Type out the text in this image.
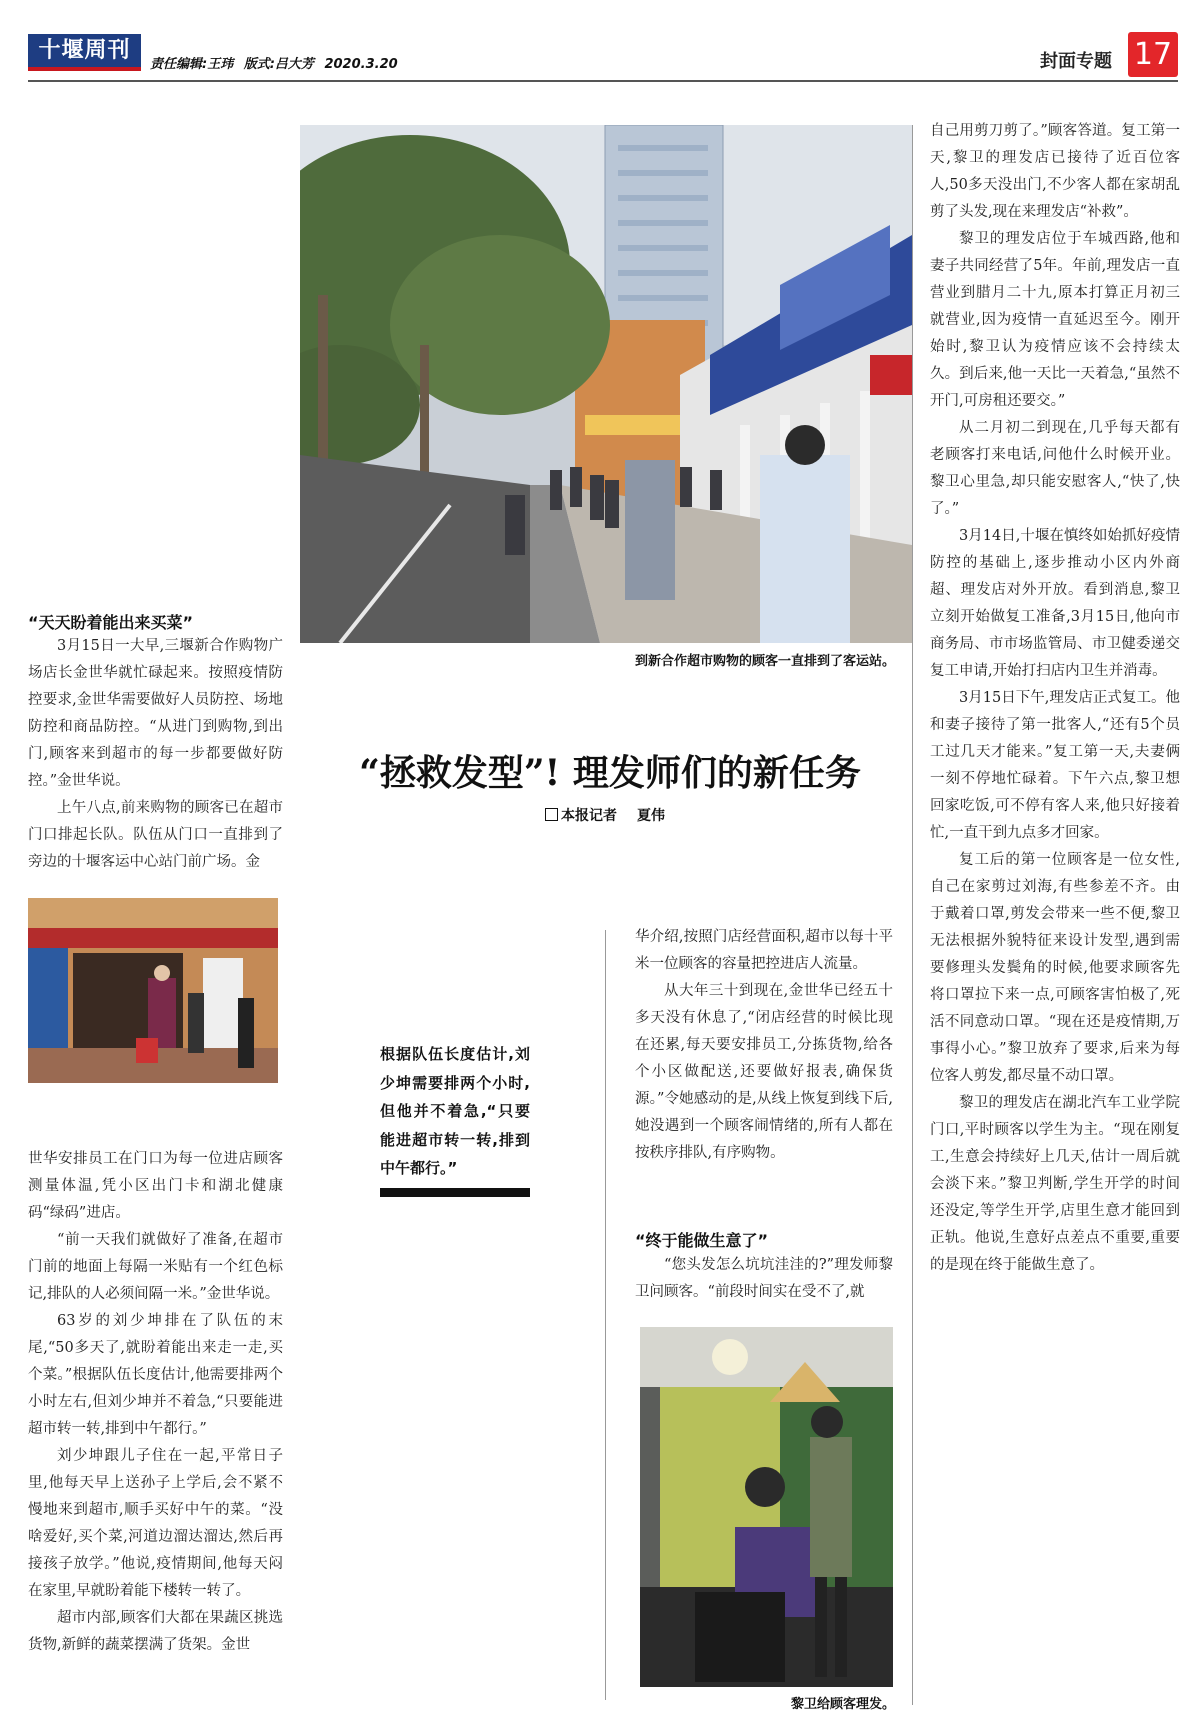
十堰周刊
责任编辑:王玮 版式:吕大芳 2020.3.20	封面专题 17
到新合作超市购物的顾客一直排到了客运站。
“拯救发型”! 理发师们的新任务
本报记者 夏伟
“天天盼着能出来买菜”

3月15日一大早,三堰新合作购物广场店长金世华就忙碌起来。按照疫情防控要求,金世华需要做好人员防控、场地防控和商品防控。“从进门到购物,到出门,顾客来到超市的每一步都要做好防控。”金世华说。

上午八点,前来购物的顾客已在超市门口排起长队。队伍从门口一直排到了旁边的十堰客运中心站门前广场。金

世华安排员工在门口为每一位进店顾客测量体温,凭小区出门卡和湖北健康码“绿码”进店。

“前一天我们就做好了准备,在超市门前的地面上每隔一米贴有一个红色标记,排队的人必须间隔一米。”金世华说。

63岁的刘少坤排在了队伍的末尾,“50多天了,就盼着能出来走一走,买个菜。”根据队伍长度估计,他需要排两个小时左右,但刘少坤并不着急,“只要能进超市转一转,排到中午都行。”

刘少坤跟儿子住在一起,平常日子里,他每天早上送孙子上学后,会不紧不慢地来到超市,顺手买好中午的菜。“没啥爱好,买个菜,河道边溜达溜达,然后再接孩子放学。”他说,疫情期间,他每天闷在家里,早就盼着能下楼转一转了。

超市内部,顾客们大都在果蔬区挑选货物,新鲜的蔬菜摆满了货架。金世

根据队伍长度估计,刘少坤需要排两个小时,但他并不着急,“只要能进超市转一转,排到中午都行。”

华介绍,按照门店经营面积,超市以每十平米一位顾客的容量把控进店人流量。

从大年三十到现在,金世华已经五十多天没有休息了,“闭店经营的时候比现在还累,每天要安排员工,分拣货物,给各个小区做配送,还要做好报表,确保货源。”令她感动的是,从线上恢复到线下后,她没遇到一个顾客闹情绪的,所有人都在按秩序排队,有序购物。

“终于能做生意了”

“您头发怎么坑坑洼洼的?”理发师黎卫问顾客。“前段时间实在受不了,就

黎卫给顾客理发。

自己用剪刀剪了。”顾客答道。复工第一天,黎卫的理发店已接待了近百位客人,50多天没出门,不少客人都在家胡乱剪了头发,现在来理发店“补救”。

黎卫的理发店位于车城西路,他和妻子共同经营了5年。年前,理发店一直营业到腊月二十九,原本打算正月初三就营业,因为疫情一直延迟至今。刚开始时,黎卫认为疫情应该不会持续太久。到后来,他一天比一天着急,“虽然不开门,可房租还要交。”

从二月初二到现在,几乎每天都有老顾客打来电话,问他什么时候开业。黎卫心里急,却只能安慰客人,“快了,快了。”

3月14日,十堰在慎终如始抓好疫情防控的基础上,逐步推动小区内外商超、理发店对外开放。看到消息,黎卫立刻开始做复工准备,3月15日,他向市商务局、市市场监管局、市卫健委递交复工申请,开始打扫店内卫生并消毒。

3月15日下午,理发店正式复工。他和妻子接待了第一批客人,“还有5个员工过几天才能来。”复工第一天,夫妻俩一刻不停地忙碌着。下午六点,黎卫想回家吃饭,可不停有客人来,他只好接着忙,一直干到九点多才回家。

复工后的第一位顾客是一位女性,自己在家剪过刘海,有些参差不齐。由于戴着口罩,剪发会带来一些不便,黎卫无法根据外貌特征来设计发型,遇到需要修理头发鬓角的时候,他要求顾客先将口罩拉下来一点,可顾客害怕极了,死活不同意动口罩。“现在还是疫情期,万事得小心。”黎卫放弃了要求,后来为每位客人剪发,都尽量不动口罩。

黎卫的理发店在湖北汽车工业学院门口,平时顾客以学生为主。“现在刚复工,生意会持续好上几天,估计一周后就会淡下来。”黎卫判断,学生开学的时间还没定,等学生开学,店里生意才能回到正轨。他说,生意好点差点不重要,重要的是现在终于能做生意了。
